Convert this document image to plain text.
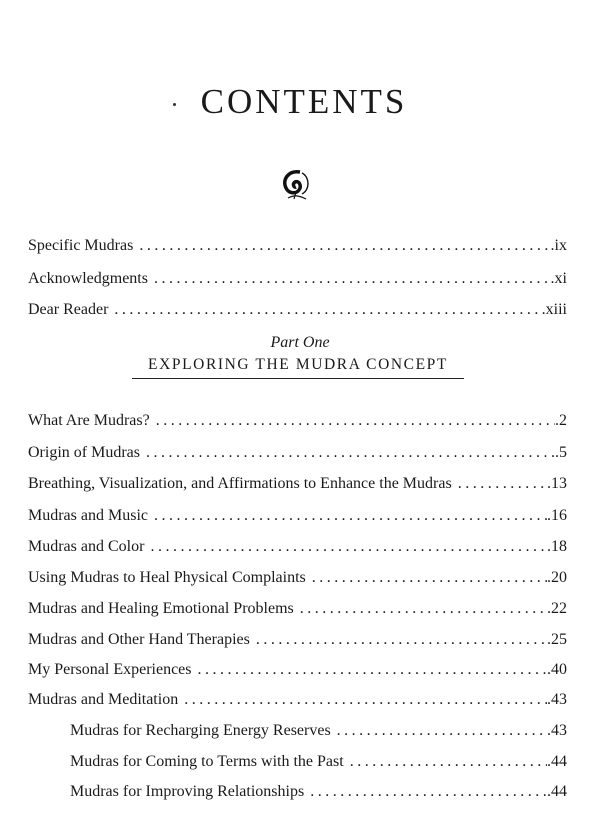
CONTENTS
Specific Mudras . . .	.ix
Acknowledgments . . .	.xi
Dear Reader . . .	.xiii
Part One
EXPLORING THE MUDRA CONCEPT
What Are Mudras? . . .	.2
Origin of Mudras . . .	.5
Breathing, Visualization, and Affirmations to Enhance the Mudras . . .	.13
Mudras and Music . . .	.16
Mudras and Color . . .	.18
Using Mudras to Heal Physical Complaints . . .	.20
Mudras and Healing Emotional Problems . . .	.22
Mudras and Other Hand Therapies . . .	.25
My Personal Experiences . . .	.40
Mudras and Meditation . . .	.43
Mudras for Recharging Energy Reserves . . .	.43
Mudras for Coming to Terms with the Past . . .	.44
Mudras for Improving Relationships . . .	.44
